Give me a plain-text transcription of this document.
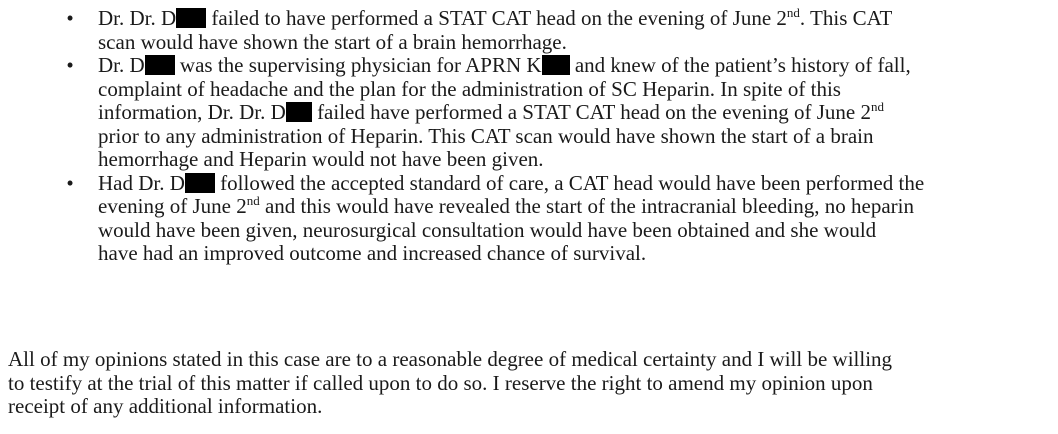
• Dr. Dr. D failed to have performed a STAT CAT head on the evening of June 2nd. This CAT
scan would have shown the start of a brain hemorrhage.
• Dr. D was the supervising physician for APRN K and knew of the patient’s history of fall,
complaint of headache and the plan for the administration of SC Heparin. In spite of this
information, Dr. Dr. D failed have performed a STAT CAT head on the evening of June 2nd
prior to any administration of Heparin. This CAT scan would have shown the start of a brain
hemorrhage and Heparin would not have been given.
• Had Dr. D followed the accepted standard of care, a CAT head would have been performed the
evening of June 2nd and this would have revealed the start of the intracranial bleeding, no heparin
would have been given, neurosurgical consultation would have been obtained and she would
have had an improved outcome and increased chance of survival.
All of my opinions stated in this case are to a reasonable degree of medical certainty and I will be willing
to testify at the trial of this matter if called upon to do so. I reserve the right to amend my opinion upon
receipt of any additional information.
